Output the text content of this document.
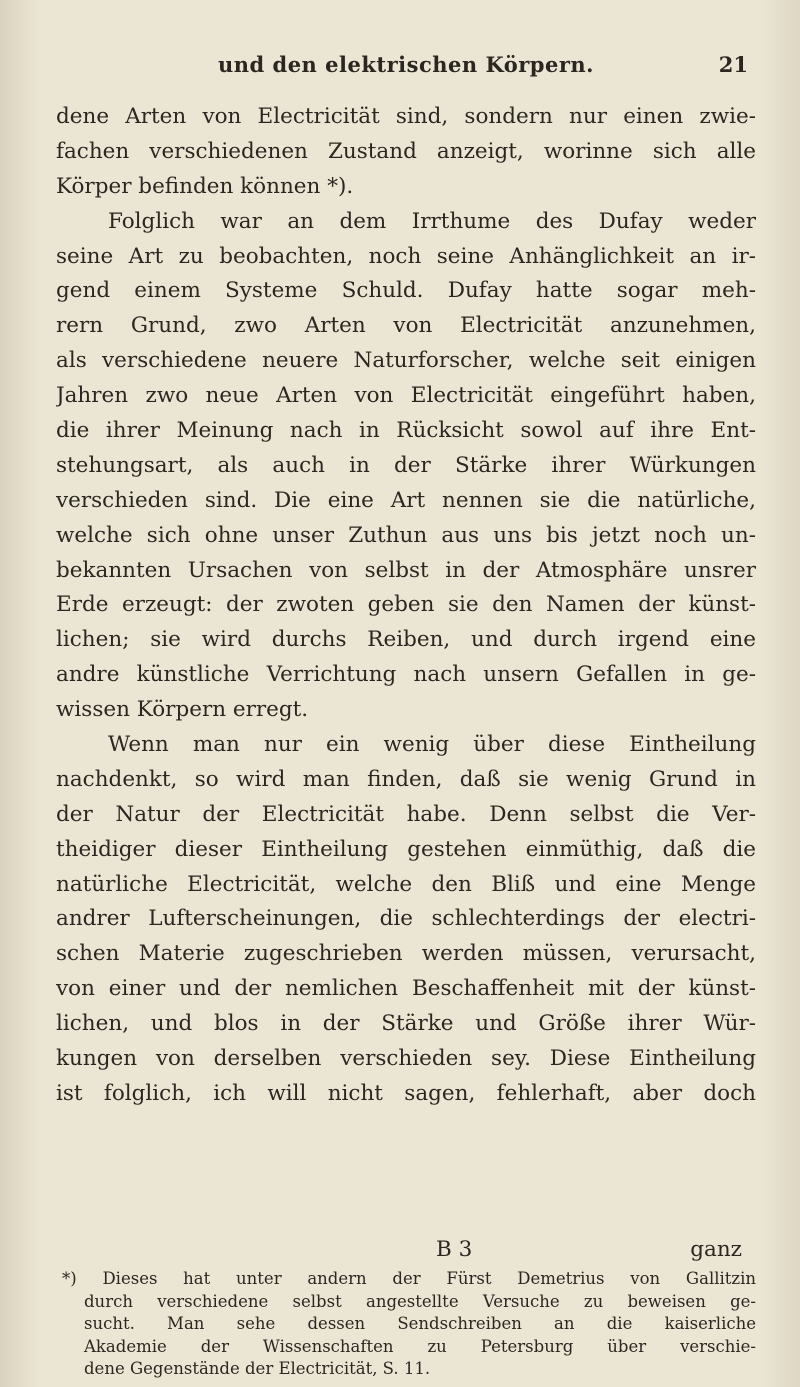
und den elektrischen Körpern.	21
dene Arten von Electricität sind, sondern nur einen zwie-
fachen verschiedenen Zustand anzeigt, worinne sich alle
Körper befinden können *).
Folglich war an dem Irrthume des Dufay weder
seine Art zu beobachten, noch seine Anhänglichkeit an ir-
gend einem Systeme Schuld. Dufay hatte sogar meh-
rern Grund, zwo Arten von Electricität anzunehmen,
als verschiedene neuere Naturforscher, welche seit einigen
Jahren zwo neue Arten von Electricität eingeführt haben,
die ihrer Meinung nach in Rücksicht sowol auf ihre Ent-
stehungsart, als auch in der Stärke ihrer Würkungen
verschieden sind. Die eine Art nennen sie die natürliche,
welche sich ohne unser Zuthun aus uns bis jetzt noch un-
bekannten Ursachen von selbst in der Atmosphäre unsrer
Erde erzeugt: der zwoten geben sie den Namen der künst-
lichen; sie wird durchs Reiben, und durch irgend eine
andre künstliche Verrichtung nach unsern Gefallen in ge-
wissen Körpern erregt.
Wenn man nur ein wenig über diese Eintheilung
nachdenkt, so wird man finden, daß sie wenig Grund in
der Natur der Electricität habe. Denn selbst die Ver-
theidiger dieser Eintheilung gestehen einmüthig, daß die
natürliche Electricität, welche den Bliß und eine Menge
andrer Lufterscheinungen, die schlechterdings der electri-
schen Materie zugeschrieben werden müssen, verursacht,
von einer und der nemlichen Beschaffenheit mit der künst-
lichen, und blos in der Stärke und Größe ihrer Wür-
kungen von derselben verschieden sey. Diese Eintheilung
ist folglich, ich will nicht sagen, fehlerhaft, aber doch
B 3	ganz
*) Dieses hat unter andern der Fürst Demetrius von Gallitzin
durch verschiedene selbst angestellte Versuche zu beweisen ge-
sucht. Man sehe dessen Sendschreiben an die kaiserliche
Akademie der Wissenschaften zu Petersburg über verschie-
dene Gegenstände der Electricität, S. 11.
